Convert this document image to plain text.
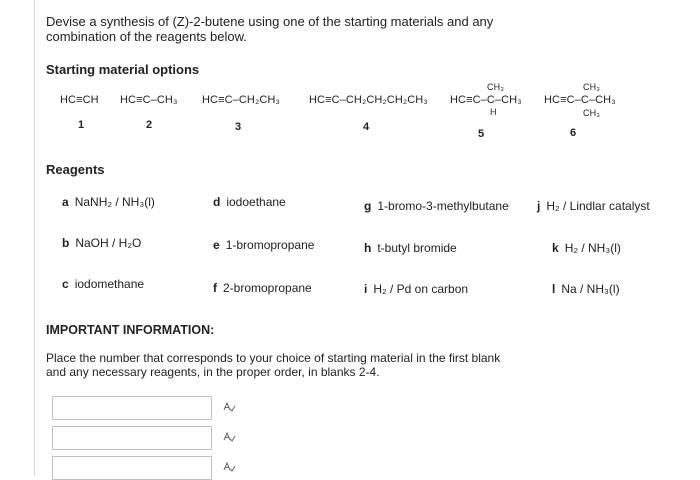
Devise a synthesis of (Z)-2-butene using one of the starting materials and any combination of the reagents below.
Starting material options
HC≡CH
1
HC≡C–CH₃
2
HC≡C–CH₂CH₃
3
HC≡C–CH₂CH₂CH₂CH₃
4
CH₃
HC≡C–C–CH₃
H
5
CH₃
HC≡C–C–CH₃
CH₃
6
Reagents
a NaNH₂ / NH₃(l)	d iodoethane	g 1-bromo-3-methylbutane j H₂ / Lindlar catalyst
b NaOH / H₂O	e 1-bromopropane	h t-butyl bromide	k H₂ / NH₃(l)
c iodomethane	f 2-bromopropane	i H₂ / Pd on carbon	l Na / NH₃(l)
IMPORTANT INFORMATION:
Place the number that corresponds to your choice of starting material in the first blank and any necessary reagents, in the proper order, in blanks 2-4.
